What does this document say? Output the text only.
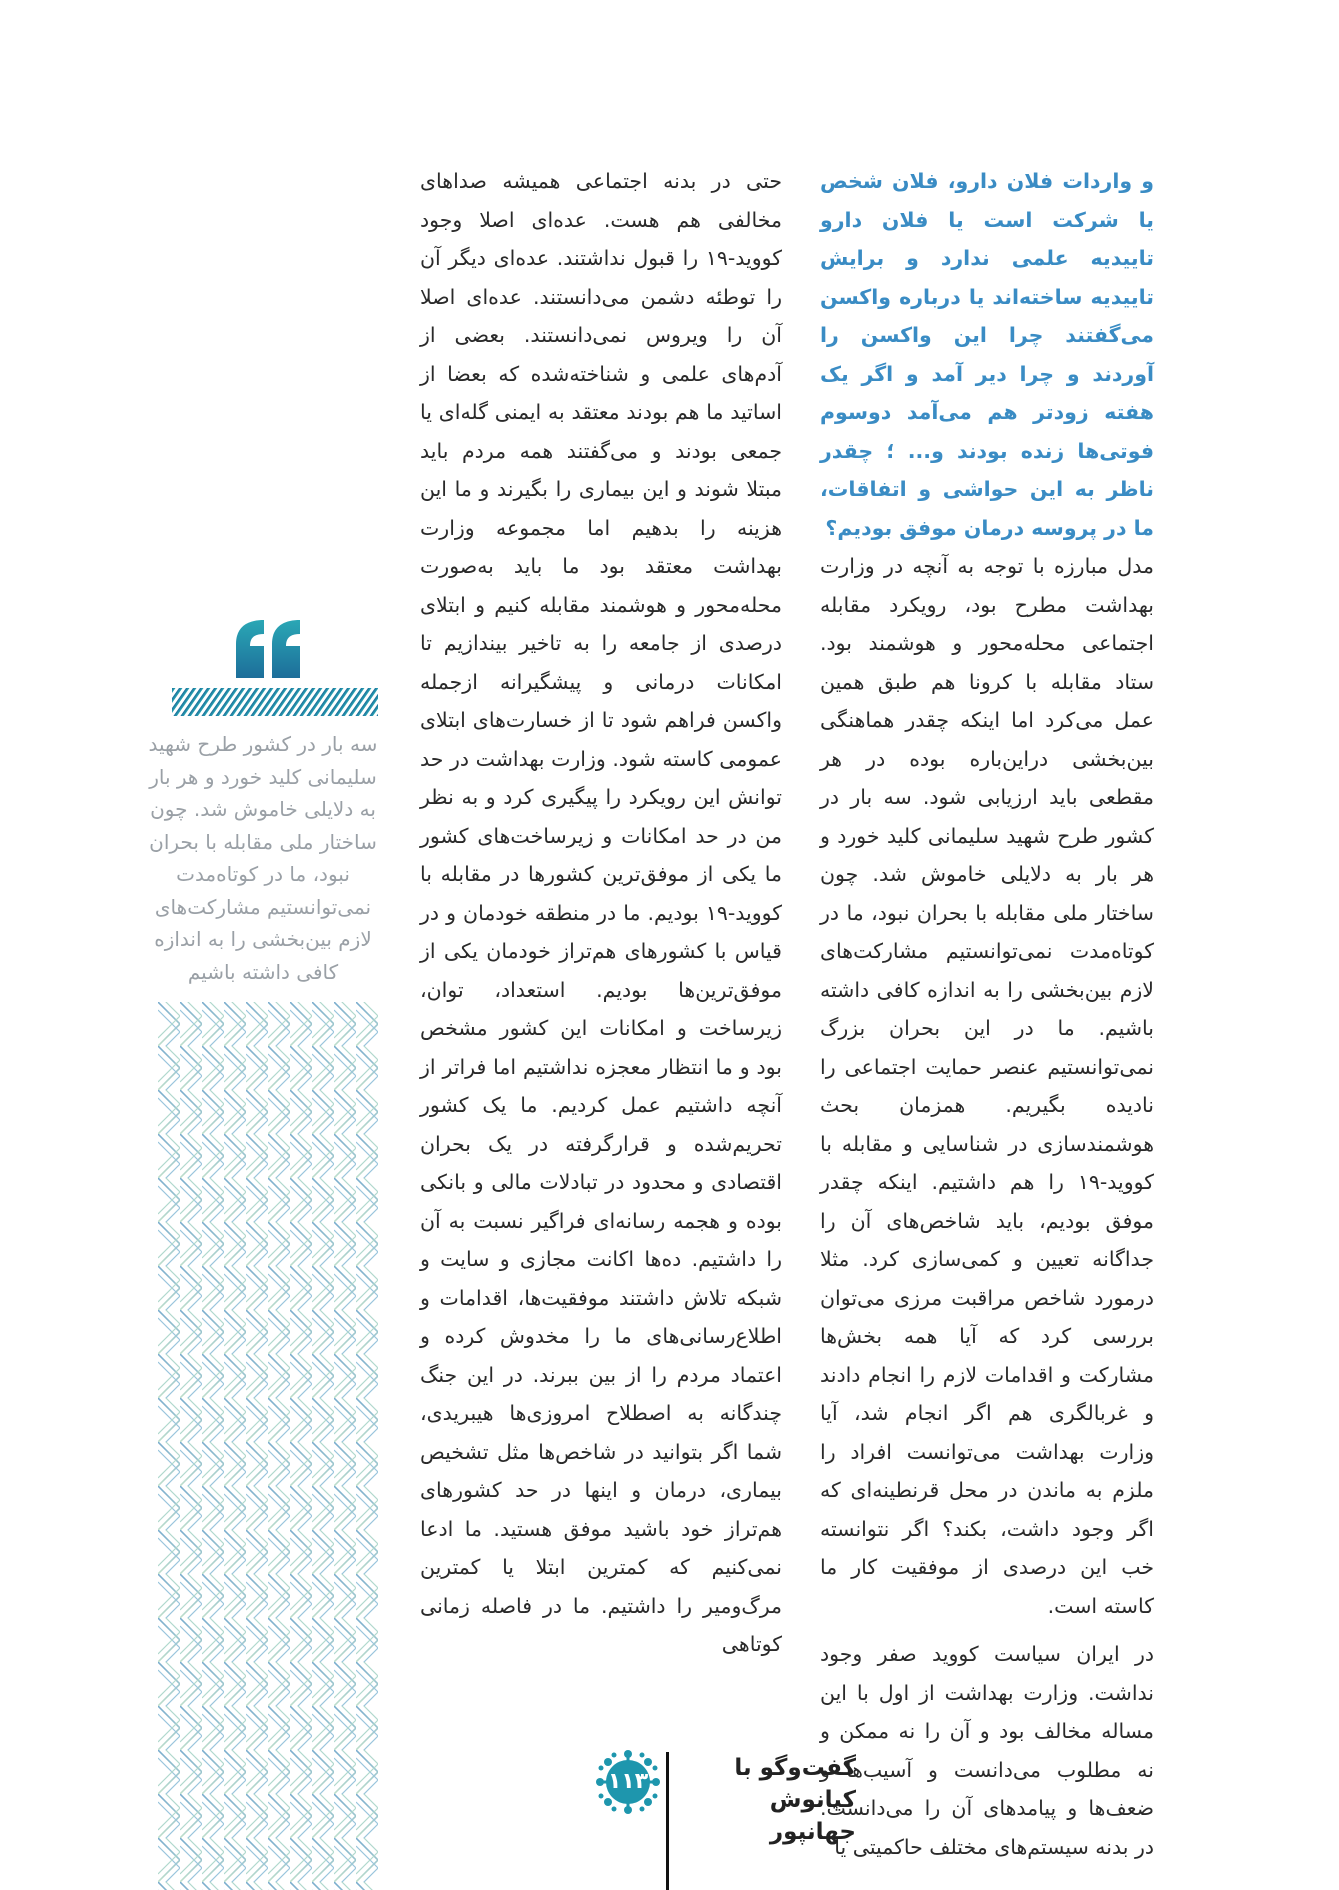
و واردات فلان دارو، فلان شخص یا شرکت است یا فلان دارو تاییدیه علمی ندارد و برایش تاییدیه ساخته‌اند یا درباره واکسن می‌گفتند چرا این واکسن را آوردند و چرا دیر آمد و اگر یک هفته زودتر هم می‌آمد دوسوم فوتی‌ها زنده بودند و... ؛ چقدر ناظر به این حواشی و اتفاقات، ما در پروسه درمان موفق بودیم؟

مدل مبارزه با توجه به آنچه در وزارت بهداشت مطرح بود، رویکرد مقابله اجتماعی محله‌محور و هوشمند بود. ستاد مقابله با کرونا هم طبق همین عمل می‌کرد اما اینکه چقدر هماهنگی بین‌بخشی دراین‌باره بوده در هر مقطعی باید ارزیابی شود. سه بار در کشور طرح شهید سلیمانی کلید خورد و هر بار به دلایلی خاموش شد. چون ساختار ملی مقابله با بحران نبود، ما در کوتاه‌مدت نمی‌توانستیم مشارکت‌های لازم بین‌بخشی را به اندازه کافی داشته باشیم. ما در این بحران بزرگ نمی‌توانستیم عنصر حمایت اجتماعی را نادیده بگیریم. همزمان بحث هوشمندسازی در شناسایی و مقابله با کووید-۱۹ را هم داشتیم. اینکه چقدر موفق بودیم، باید شاخص‌های آن را جداگانه تعیین و کمی‌سازی کرد. مثلا درمورد شاخص مراقبت مرزی می‌توان بررسی کرد که آیا همه بخش‌ها مشارکت و اقدامات لازم را انجام دادند و غربالگری هم اگر انجام شد، آیا وزارت بهداشت می‌توانست افراد را ملزم به ماندن در محل قرنطینه‌ای که اگر وجود داشت، بکند؟ اگر نتوانسته خب این درصدی از موفقیت کار ما کاسته است.

در ایران سیاست کووید صفر وجود نداشت. وزارت بهداشت از اول با این مساله مخالف بود و آن را نه ممکن و نه مطلوب می‌دانست و آسیب‌ها و ضعف‌ها و پیامدهای آن را می‌دانست. در بدنه سیستم‌های مختلف حاکمیتی یا

حتی در بدنه اجتماعی همیشه صداهای مخالفی هم هست. عده‌ای اصلا وجود کووید-۱۹ را قبول نداشتند. عده‌ای دیگر آن را توطئه دشمن می‌دانستند. عده‌ای اصلا آن را ویروس نمی‌دانستند. بعضی از آدم‌های علمی و شناخته‌شده که بعضا از اساتید ما هم بودند معتقد به ایمنی گله‌ای یا جمعی بودند و می‌گفتند همه مردم باید مبتلا شوند و این بیماری را بگیرند و ما این هزینه را بدهیم اما مجموعه وزارت بهداشت معتقد بود ما باید به‌صورت محله‌محور و هوشمند مقابله کنیم و ابتلای درصدی از جامعه را به تاخیر بیندازیم تا امکانات درمانی و پیشگیرانه ازجمله واکسن فراهم شود تا از خسارت‌های ابتلای عمومی کاسته شود. وزارت بهداشت در حد توانش این رویکرد را پیگیری کرد و به نظر من در حد امکانات و زیرساخت‌های کشور ما یکی از موفق‌ترین کشورها در مقابله با کووید-۱۹ بودیم. ما در منطقه خودمان و در قیاس با کشورهای هم‌تراز خودمان یکی از موفق‌ترین‌ها بودیم. استعداد، توان، زیرساخت و امکانات این کشور مشخص بود و ما انتظار معجزه نداشتیم اما فراتر از آنچه داشتیم عمل کردیم. ما یک کشور تحریم‌شده و قرارگرفته در یک بحران اقتصادی و محدود در تبادلات مالی و بانکی بوده و هجمه رسانه‌ای فراگیر نسبت به آن را داشتیم. ده‌ها اکانت مجازی و سایت و شبکه تلاش داشتند موفقیت‌ها، اقدامات و اطلاع‌رسانی‌های ما را مخدوش کرده و اعتماد مردم را از بین ببرند. در این جنگ چندگانه به اصطلاح امروزی‌ها هیبریدی، شما اگر بتوانید در شاخص‌ها مثل تشخیص بیماری، درمان و اینها در حد کشورهای هم‌تراز خود باشید موفق هستید. ما ادعا نمی‌کنیم که کمترین ابتلا یا کمترین مرگ‌ومیر را داشتیم. ما در فاصله زمانی کوتاهی

سه بار در کشور طرح شهید سلیمانی کلید خورد و هر بار به دلایلی خاموش شد. چون ساختار ملی مقابله با بحران نبود، ما در کوتاه‌مدت نمی‌توانستیم مشارکت‌های لازم بین‌بخشی را به اندازه کافی داشته باشیم
۱۱۳
گفت‌وگو با
کیانوش جهانپور
